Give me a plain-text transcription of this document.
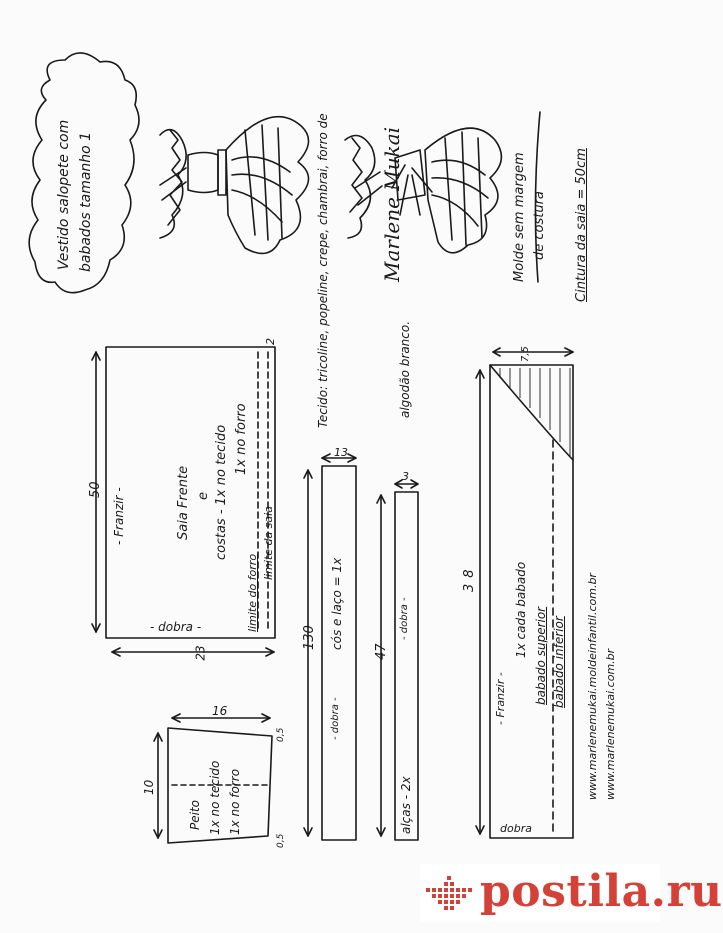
Vestido salopete com babados tamanho 1	Molde sem margem de costura Cintura da saia = 50cm
Marlene Mukai
Tecido: tricoline, popeline, crepe, chambrai, forro de	algodão branco.
50
23
2
- Franzir -
- dobra -
Saia Frente e costas - 1x no tecido 1x no forro
limite do forro
limite da saia
130
13
cós e laço = 1x
- dobra -
47
3
alças - 2x
- dobra -
16
10
0,5
0,5
Peito 1x no tecido 1x no forro
38
7,5
- Franzir -
dobra
1x cada babado babado superior babado inferior www.marlenemukai.moldeinfantil.com.br www.marlenemukai.com.br
postila.ru
